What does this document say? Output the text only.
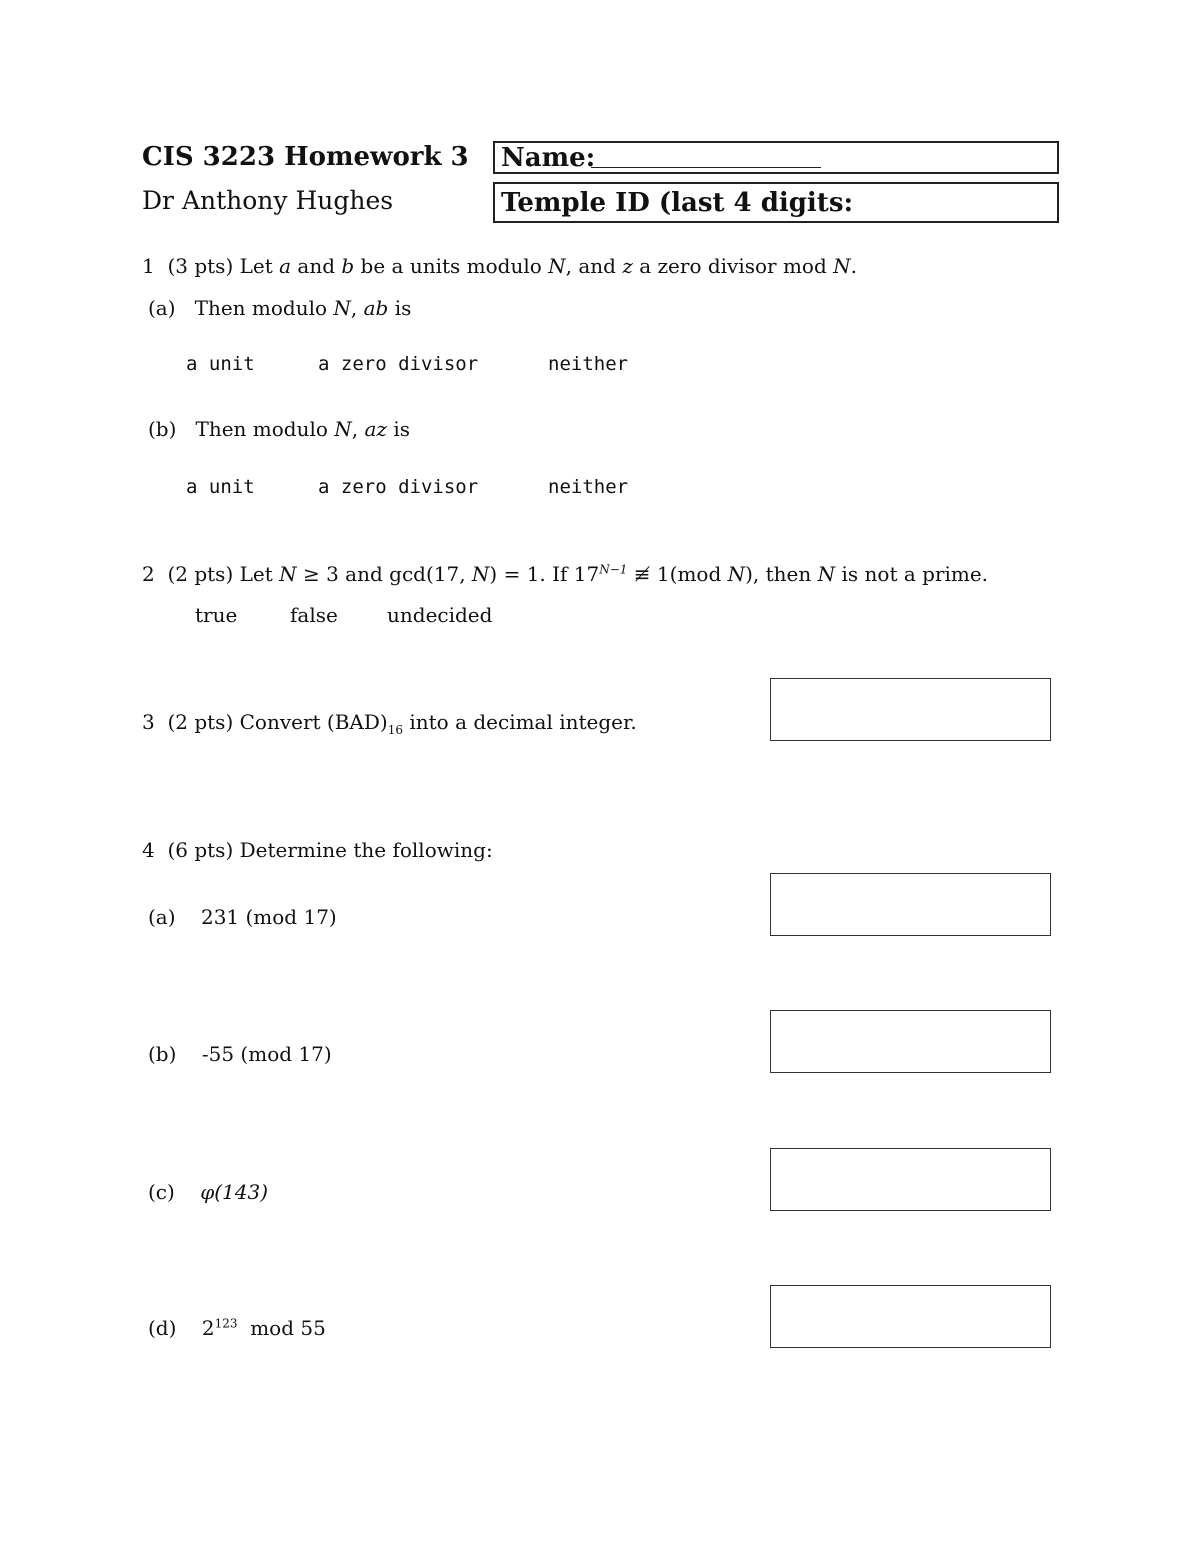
CIS 3223 Homework 3
Dr Anthony Hughes
Name:
Temple ID (last 4 digits:
1 (3 pts) Let a and b be a units modulo N, and z a zero divisor mod N.
(a) Then modulo N, ab is
a unit	a zero divisor	neither
(b) Then modulo N, az is
a unit	a zero divisor	neither
2 (2 pts) Let N ≥ 3 and gcd(17, N) = 1. If $17^{N-1}$ ≢ 1(mod N), then N is not a prime.
true	false undecided
3 (2 pts) Convert $(BAD)_{16}$ into a decimal integer.
4 (6 pts) Determine the following:
(a) 231 (mod 17)
(b) -55 (mod 17)
(c) φ(143)
(d) $2^{123}$  mod 55
